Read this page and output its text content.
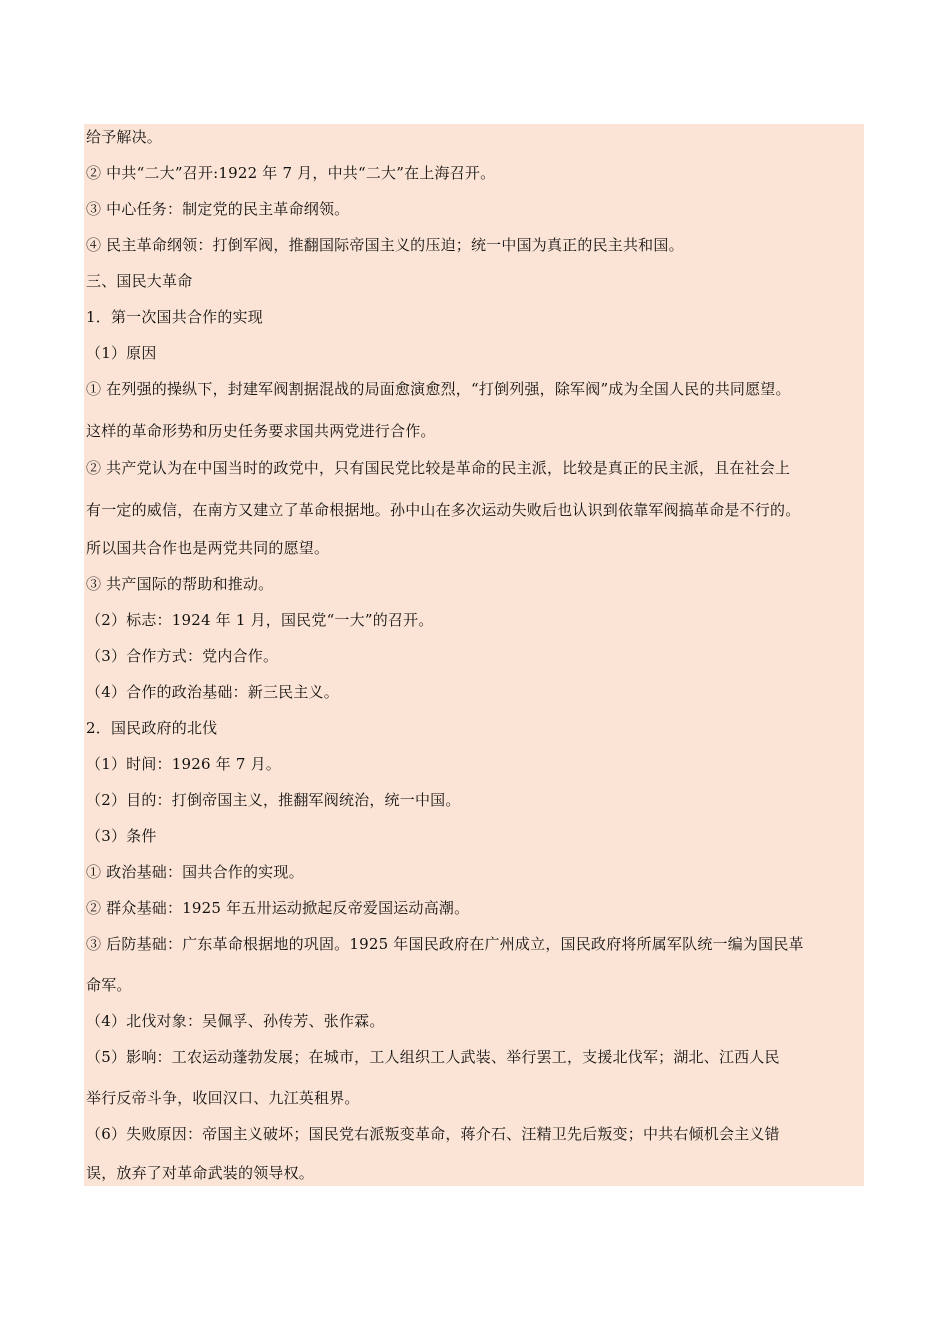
给予解决。
② 中共“二大”召开:1922 年 7 月，中共“二大”在上海召开。
③ 中心任务：制定党的民主革命纲领。
④ 民主革命纲领：打倒军阀，推翻国际帝国主义的压迫；统一中国为真正的民主共和国。
三、国民大革命
1．第一次国共合作的实现
（1）原因
① 在列强的操纵下，封建军阀割据混战的局面愈演愈烈，“打倒列强，除军阀”成为全国人民的共同愿望。
这样的革命形势和历史任务要求国共两党进行合作。
② 共产党认为在中国当时的政党中，只有国民党比较是革命的民主派，比较是真正的民主派，且在社会上
有一定的威信，在南方又建立了革命根据地。孙中山在多次运动失败后也认识到依靠军阀搞革命是不行的。
所以国共合作也是两党共同的愿望。
③ 共产国际的帮助和推动。
（2）标志：1924 年 1 月，国民党“一大”的召开。
（3）合作方式：党内合作。
（4）合作的政治基础：新三民主义。
2．国民政府的北伐
（1）时间：1926 年 7 月。
（2）目的：打倒帝国主义，推翻军阀统治，统一中国。
（3）条件
① 政治基础：国共合作的实现。
② 群众基础：1925 年五卅运动掀起反帝爱国运动高潮。
③ 后防基础：广东革命根据地的巩固。1925 年国民政府在广州成立，国民政府将所属军队统一编为国民革
命军。
（4）北伐对象：吴佩孚、孙传芳、张作霖。
（5）影响：工农运动蓬勃发展；在城市，工人组织工人武装、举行罢工，支援北伐军；湖北、江西人民
举行反帝斗争，收回汉口、九江英租界。
（6）失败原因：帝国主义破坏；国民党右派叛变革命，蒋介石、汪精卫先后叛变；中共右倾机会主义错
误，放弃了对革命武装的领导权。
